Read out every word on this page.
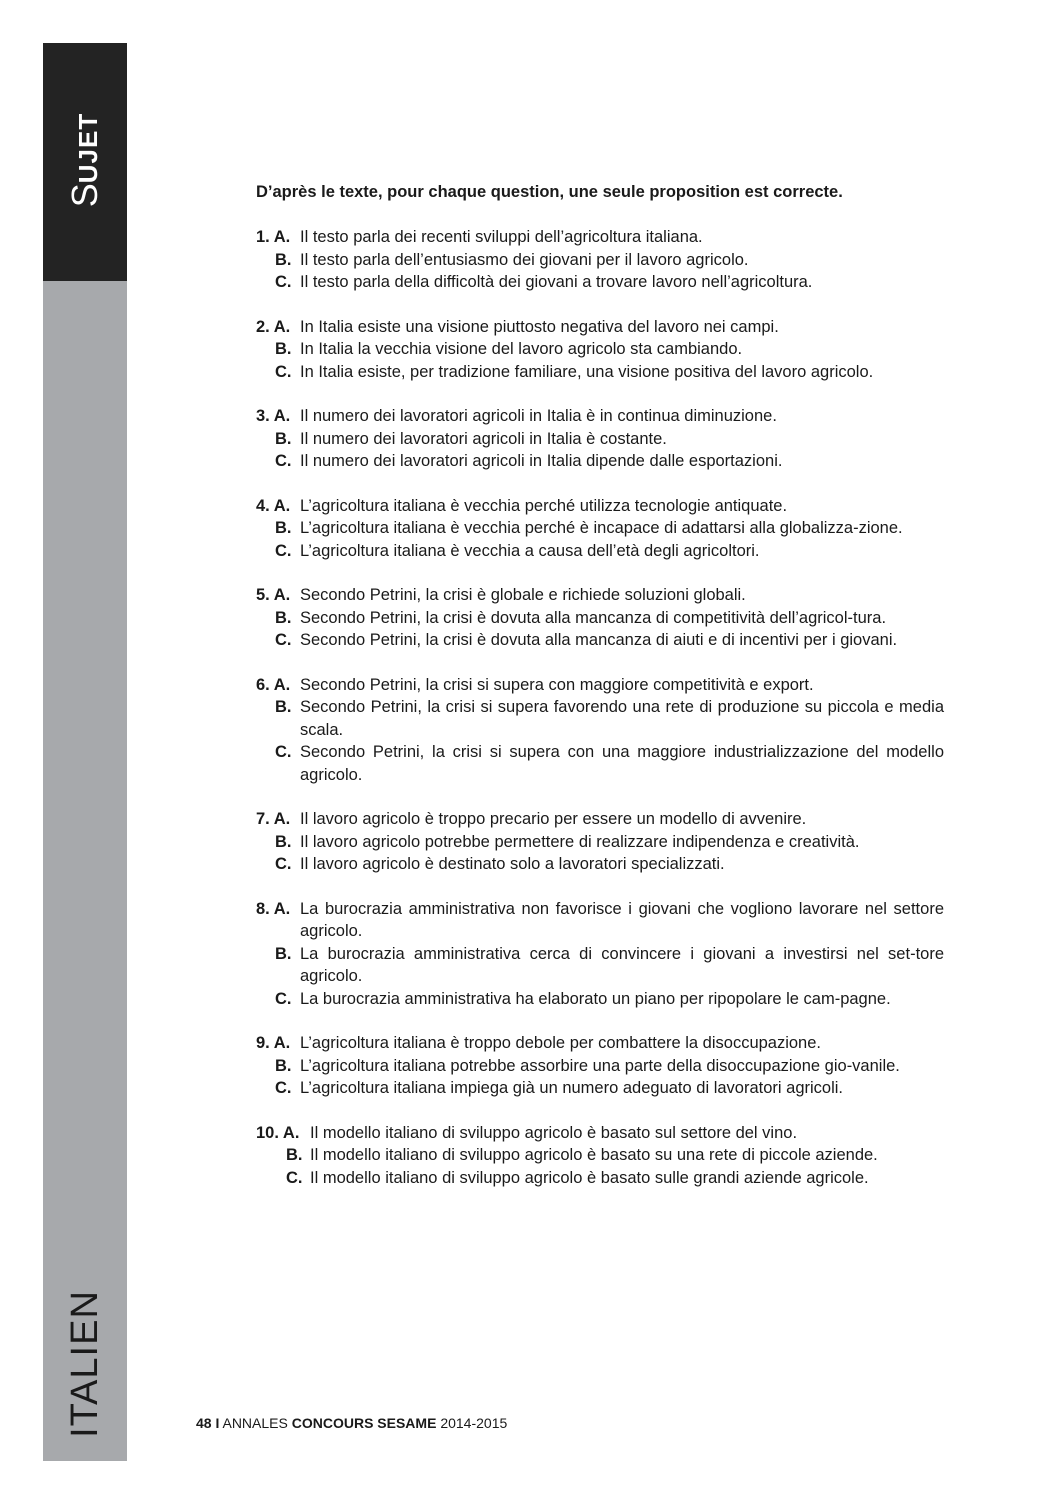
SUJET
ITALIEN
D’après le texte, pour chaque question, une seule proposition est correcte.
1. A. Il testo parla dei recenti sviluppi dell’agricoltura italiana.
B. Il testo parla dell’entusiasmo dei giovani per il lavoro agricolo.
C. Il testo parla della difficoltà dei giovani a trovare lavoro nell’agricoltura.
2. A. In Italia esiste una visione piuttosto negativa del lavoro nei campi.
B. In Italia la vecchia visione del lavoro agricolo sta cambiando.
C. In Italia esiste, per tradizione familiare, una visione positiva del lavoro agricolo.
3. A. Il numero dei lavoratori agricoli in Italia è in continua diminuzione.
B. Il numero dei lavoratori agricoli in Italia è costante.
C. Il numero dei lavoratori agricoli in Italia dipende dalle esportazioni.
4. A. L’agricoltura italiana è vecchia perché utilizza tecnologie antiquate.
B. L’agricoltura italiana è vecchia perché è incapace di adattarsi alla globalizza-zione.
C. L’agricoltura italiana è vecchia a causa dell’età degli agricoltori.
5. A. Secondo Petrini, la crisi è globale e richiede soluzioni globali.
B. Secondo Petrini, la crisi è dovuta alla mancanza di competitività dell’agricol-tura.
C. Secondo Petrini, la crisi è dovuta alla mancanza di aiuti e di incentivi per i giovani.
6. A. Secondo Petrini, la crisi si supera con maggiore competitività e export.
B. Secondo Petrini, la crisi si supera favorendo una rete di produzione su piccola e media scala.
C. Secondo Petrini, la crisi si supera con una maggiore industrializzazione del modello agricolo.
7. A. Il lavoro agricolo è troppo precario per essere un modello di avvenire.
B. Il lavoro agricolo potrebbe permettere di realizzare indipendenza e creatività.
C. Il lavoro agricolo è destinato solo a lavoratori specializzati.
8. A. La burocrazia amministrativa non favorisce i giovani che vogliono lavorare nel settore agricolo.
B. La burocrazia amministrativa cerca di convincere i giovani a investirsi nel set-tore agricolo.
C. La burocrazia amministrativa ha elaborato un piano per ripopolare le cam-pagne.
9. A. L’agricoltura italiana è troppo debole per combattere la disoccupazione.
B. L’agricoltura italiana potrebbe assorbire una parte della disoccupazione gio-vanile.
C. L’agricoltura italiana impiega già un numero adeguato di lavoratori agricoli.
10. A. Il modello italiano di sviluppo agricolo è basato sul settore del vino.
B. Il modello italiano di sviluppo agricolo è basato su una rete di piccole aziende.
C. Il modello italiano di sviluppo agricolo è basato sulle grandi aziende agricole.
48 I ANNALES CONCOURS SESAME 2014-2015
